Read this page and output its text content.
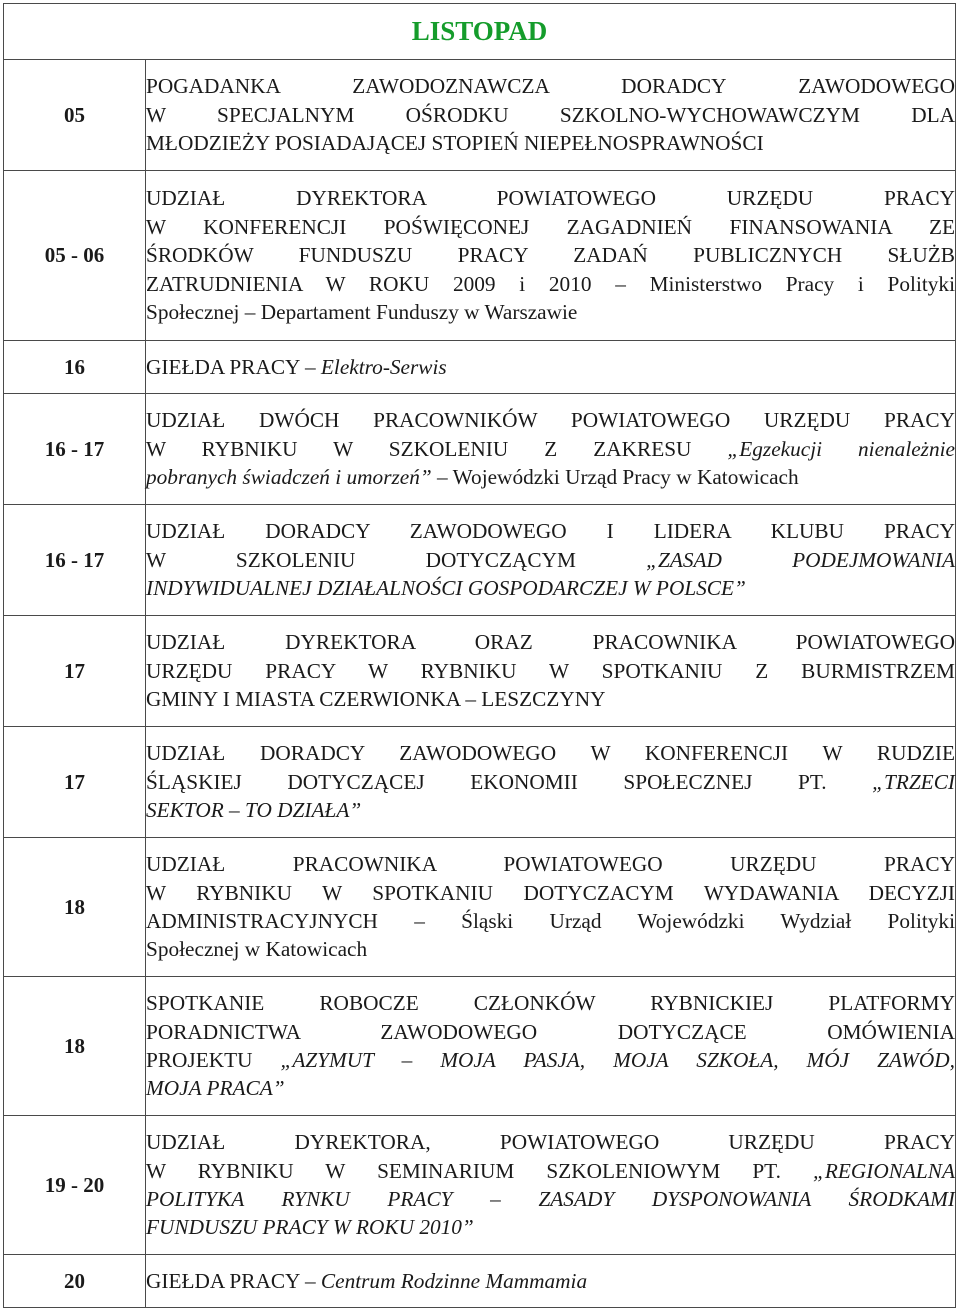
LISTOPAD	
05	POGADANKA ZAWODOZNAWCZA DORADCY ZAWODOWEGO
W SPECJALNYM OŚRODKU SZKOLNO-WYCHOWAWCZYM DLA
MŁODZIEŻY POSIADAJĄCEJ STOPIEŃ NIEPEŁNOSPRAWNOŚCI

05 - 06	UDZIAŁ DYREKTORA POWIATOWEGO URZĘDU PRACY
W KONFERENCJI POŚWIĘCONEJ ZAGADNIEŃ FINANSOWANIA ZE
ŚRODKÓW FUNDUSZU PRACY ZADAŃ PUBLICZNYCH SŁUŻB
ZATRUDNIENIA W ROKU 2009 i 2010 – Ministerstwo Pracy i Polityki
Społecznej – Departament Funduszy w Warszawie

16	GIEŁDA PRACY – Elektro-Serwis

16 - 17	UDZIAŁ DWÓCH PRACOWNIKÓW POWIATOWEGO URZĘDU PRACY
W RYBNIKU W SZKOLENIU Z ZAKRESU „Egzekucji nienależnie
pobranych świadczeń i umorzeń” – Wojewódzki Urząd Pracy w Katowicach

16 - 17	UDZIAŁ DORADCY ZAWODOWEGO I LIDERA KLUBU PRACY
W SZKOLENIU DOTYCZĄCYM „ZASAD PODEJMOWANIA
INDYWIDUALNEJ DZIAŁALNOŚCI GOSPODARCZEJ W POLSCE”

17	UDZIAŁ DYREKTORA ORAZ PRACOWNIKA POWIATOWEGO
URZĘDU PRACY W RYBNIKU W SPOTKANIU Z BURMISTRZEM
GMINY I MIASTA CZERWIONKA – LESZCZYNY

17	UDZIAŁ DORADCY ZAWODOWEGO W KONFERENCJI W RUDZIE
ŚLĄSKIEJ DOTYCZĄCEJ EKONOMII SPOŁECZNEJ PT. „TRZECI
SEKTOR – TO DZIAŁA”

18	UDZIAŁ PRACOWNIKA POWIATOWEGO URZĘDU PRACY
W RYBNIKU W SPOTKANIU DOTYCZACYM WYDAWANIA DECYZJI
ADMINISTRACYJNYCH – Śląski Urząd Wojewódzki Wydział Polityki
Społecznej w Katowicach

18	SPOTKANIE ROBOCZE CZŁONKÓW RYBNICKIEJ PLATFORMY
PORADNICTWA ZAWODOWEGO DOTYCZĄCE OMÓWIENIA
PROJEKTU „AZYMUT – MOJA PASJA, MOJA SZKOŁA, MÓJ ZAWÓD,
MOJA PRACA”

19 - 20	UDZIAŁ DYREKTORA, POWIATOWEGO URZĘDU PRACY
W RYBNIKU W SEMINARIUM SZKOLENIOWYM PT. „REGIONALNA
POLITYKA RYNKU PRACY – ZASADY DYSPONOWANIA ŚRODKAMI
FUNDUSZU PRACY W ROKU 2010”

20	GIEŁDA PRACY – Centrum Rodzinne Mammamia
